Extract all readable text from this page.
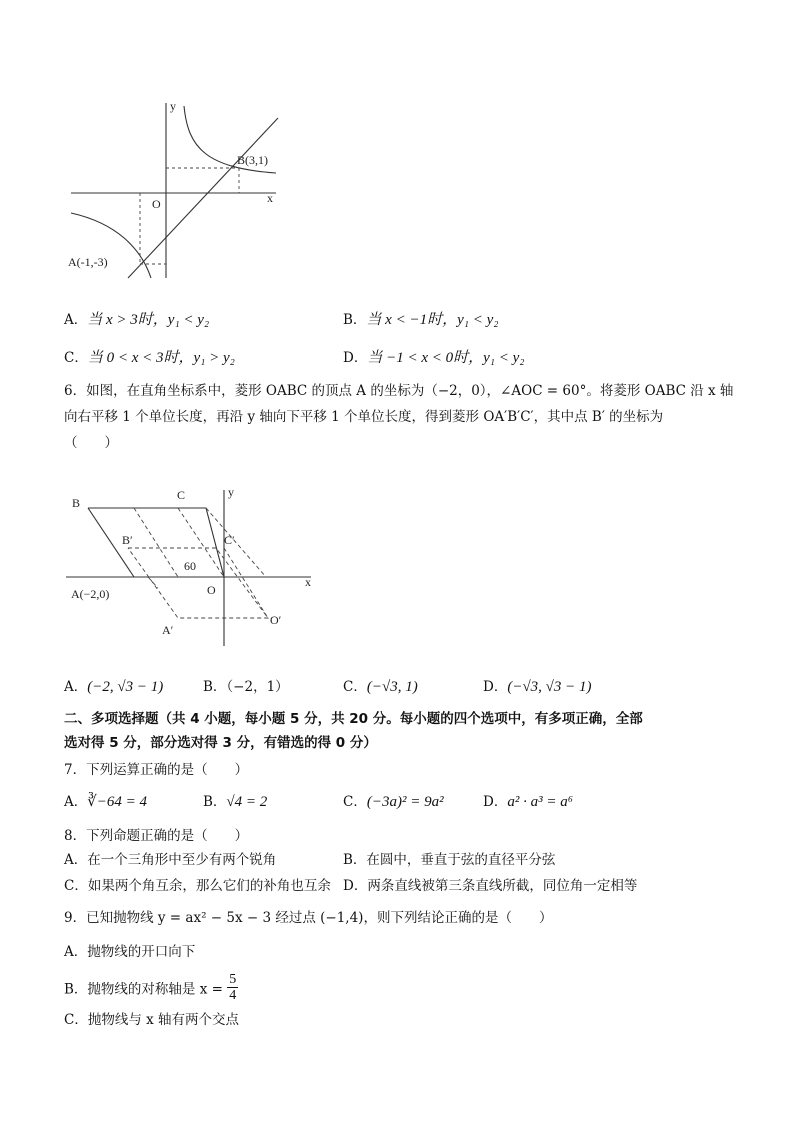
B(3,1)
A(-1,-3)
O	x
y
A．当 x > 3时，y₁ < y₂	B．当 x < −1时，y₁ < y₂
C．当 0 < x < 3时，y₁ > y₂	D．当 −1 < x < 0时，y₁ < y₂
6．如图，在直角坐标系中，菱形 OABC 的顶点 A 的坐标为（−2，0），∠AOC = 60°。将菱形 OABC 沿 x 轴
向右平移 1 个单位长度，再沿 y 轴向下平移 1 个单位长度，得到菱形 OA′B′C′，其中点 B′ 的坐标为
（　　）
B
C
B′	C′
60
A(−2,0)	O
A′
O′
x
y
A．(−2, √3 − 1)	B．（−2，1）	C．(−√3, 1)	D．(−√3, √3 − 1)
二、多项选择题（共 4 小题，每小题 5 分，共 20 分。每小题的四个选项中，有多项正确，全部
选对得 5 分，部分选对得 3 分，有错选的得 0 分）
7．下列运算正确的是（　　）
A．∛−64 = 4	B．√4 = 2	C．(−3a)² = 9a²	D．a² · a³ = a⁶
8．下列命题正确的是（　　）
A．在一个三角形中至少有两个锐角	B．在圆中，垂直于弦的直径平分弦
C．如果两个角互余，那么它们的补角也互余 D．两条直线被第三条直线所截，同位角一定相等
9．已知抛物线 y = ax² − 5x − 3 经过点 (−1,4)，则下列结论正确的是（　　）
A．抛物线的开口向下
B．抛物线的对称轴是 $x = \frac{5}{4}$
C．抛物线与 x 轴有两个交点
